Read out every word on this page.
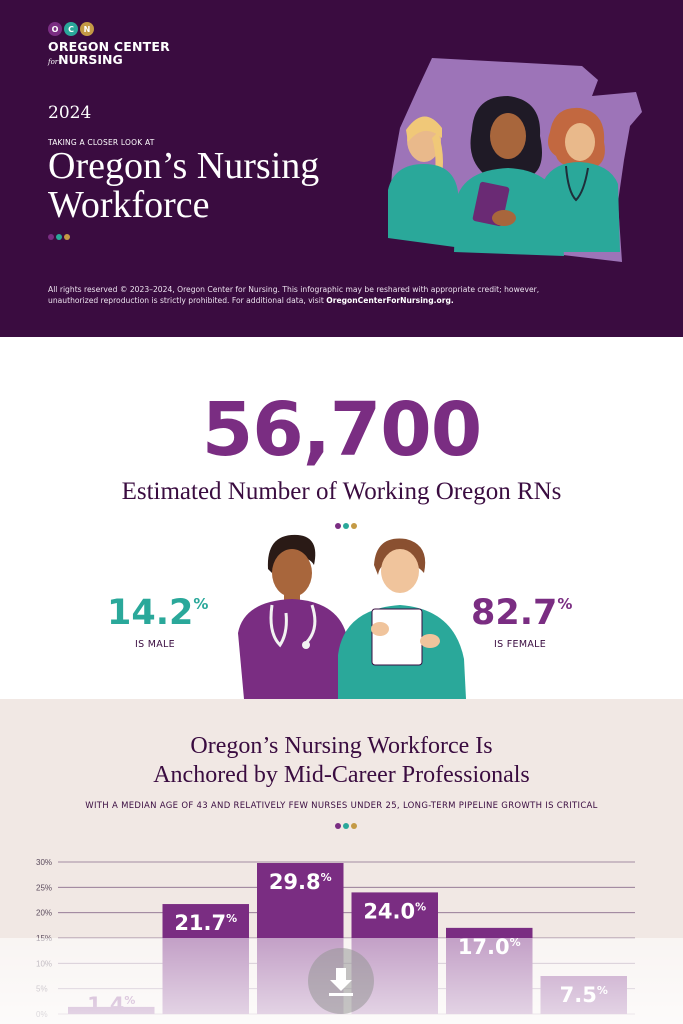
O	C	N
OREGON CENTER
forNURSING
2024
TAKING A CLOSER LOOK AT
Oregon’s Nursing
Workforce
All rights reserved © 2023–2024, Oregon Center for Nursing. This infographic may be reshared with appropriate credit; however, unauthorized reproduction is strictly prohibited. For additional data, visit OregonCenterForNursing.org.
56,700
Estimated Number of Working Oregon RNs
14.2%
IS MALE
82.7%
IS FEMALE
Oregon’s Nursing Workforce Is
Anchored by Mid-Career Professionals
WITH A MEDIAN AGE OF 43 AND RELATIVELY FEW NURSES UNDER 25, LONG-TERM PIPELINE GROWTH IS CRITICAL
20%
25%
30%
21.7%
29.8%
24.0%
